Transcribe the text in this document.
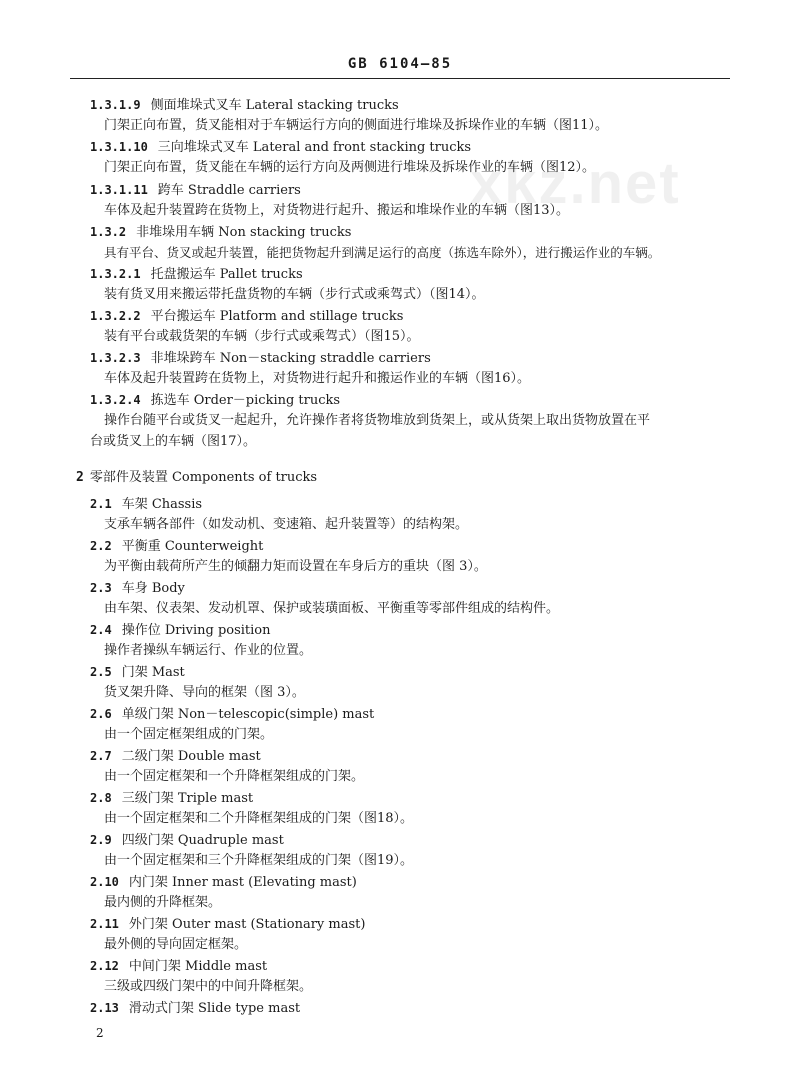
GB 6104—85
xkz.net
1.3.1.9 侧面堆垛式叉车 Lateral stacking trucks
门架正向布置，货叉能相对于车辆运行方向的侧面进行堆垛及拆垛作业的车辆（图11）。
1.3.1.10 三向堆垛式叉车 Lateral and front stacking trucks
门架正向布置，货叉能在车辆的运行方向及两侧进行堆垛及拆垛作业的车辆（图12）。
1.3.1.11 跨车 Straddle carriers
车体及起升装置跨在货物上，对货物进行起升、搬运和堆垛作业的车辆（图13）。
1.3.2 非堆垛用车辆 Non stacking trucks
具有平台、货叉或起升装置，能把货物起升到满足运行的高度（拣选车除外），进行搬运作业的车辆。
1.3.2.1 托盘搬运车 Pallet trucks
装有货叉用来搬运带托盘货物的车辆（步行式或乘驾式）（图14）。
1.3.2.2 平台搬运车 Platform and stillage trucks
装有平台或载货架的车辆（步行式或乘驾式）（图15）。
1.3.2.3 非堆垛跨车 Non－stacking straddle carriers
车体及起升装置跨在货物上，对货物进行起升和搬运作业的车辆（图16）。
1.3.2.4 拣选车 Order－picking trucks
操作台随平台或货叉一起起升，允许操作者将货物堆放到货架上，或从货架上取出货物放置在平
台或货叉上的车辆（图17）。
2 零部件及装置 Components of trucks
2.1 车架 Chassis
支承车辆各部件（如发动机、变速箱、起升装置等）的结构架。
2.2 平衡重 Counterweight
为平衡由载荷所产生的倾翻力矩而设置在车身后方的重块（图 3）。
2.3 车身 Body
由车架、仪表架、发动机罩、保护或装璜面板、平衡重等零部件组成的结构件。
2.4 操作位 Driving position
操作者操纵车辆运行、作业的位置。
2.5 门架 Mast
货叉架升降、导向的框架（图 3）。
2.6 单级门架 Non－telescopic(simple) mast
由一个固定框架组成的门架。
2.7 二级门架 Double mast
由一个固定框架和一个升降框架组成的门架。
2.8 三级门架 Triple mast
由一个固定框架和二个升降框架组成的门架（图18）。
2.9 四级门架 Quadruple mast
由一个固定框架和三个升降框架组成的门架（图19）。
2.10 内门架 Inner mast (Elevating mast)
最内侧的升降框架。
2.11 外门架 Outer mast (Stationary mast)
最外侧的导向固定框架。
2.12 中间门架 Middle mast
三级或四级门架中的中间升降框架。
2.13 滑动式门架 Slide type mast
2
